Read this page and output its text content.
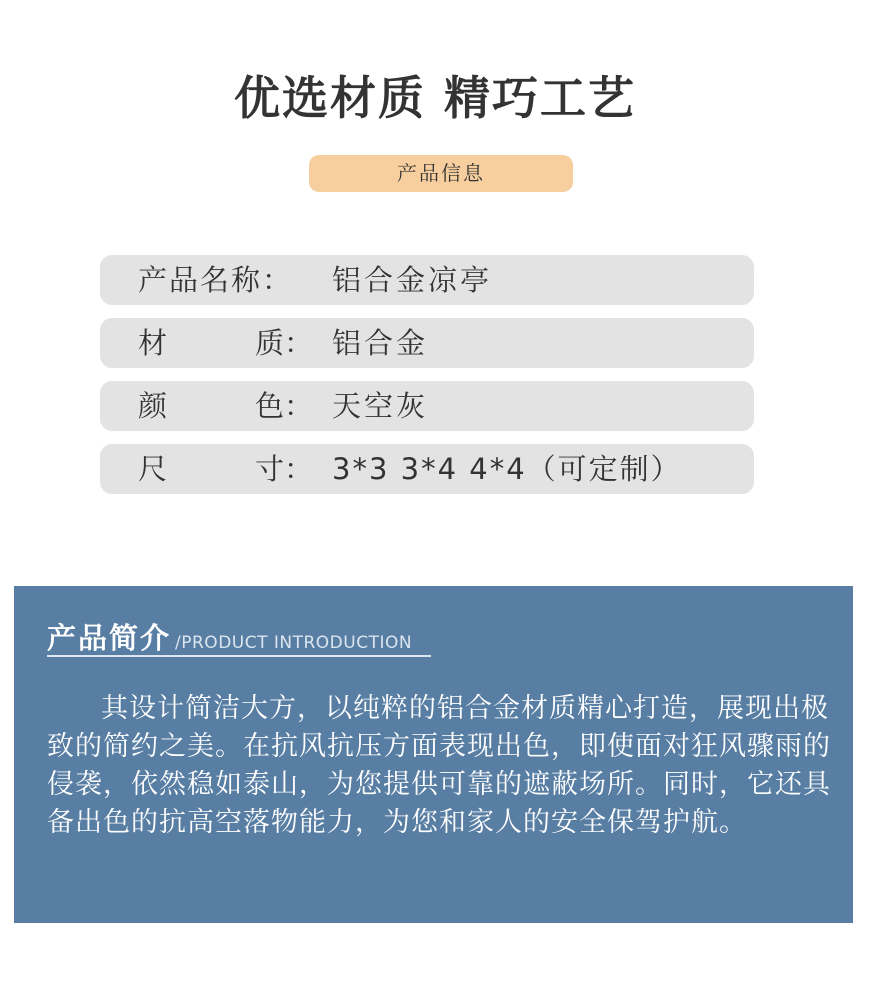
优选材质 精巧工艺
产品信息
产品名称： 铝合金凉亭
材	质： 铝合金
颜	色： 天空灰
尺	寸： 3*3 3*4 4*4（可定制）
产品简介 /PRODUCT INTRODUCTION
其设计简洁大方，以纯粹的铝合金材质精心打造，展现出极致的简约之美。在抗风抗压方面表现出色，即使面对狂风骤雨的侵袭，依然稳如泰山，为您提供可靠的遮蔽场所。同时，它还具备出色的抗高空落物能力，为您和家人的安全保驾护航。
